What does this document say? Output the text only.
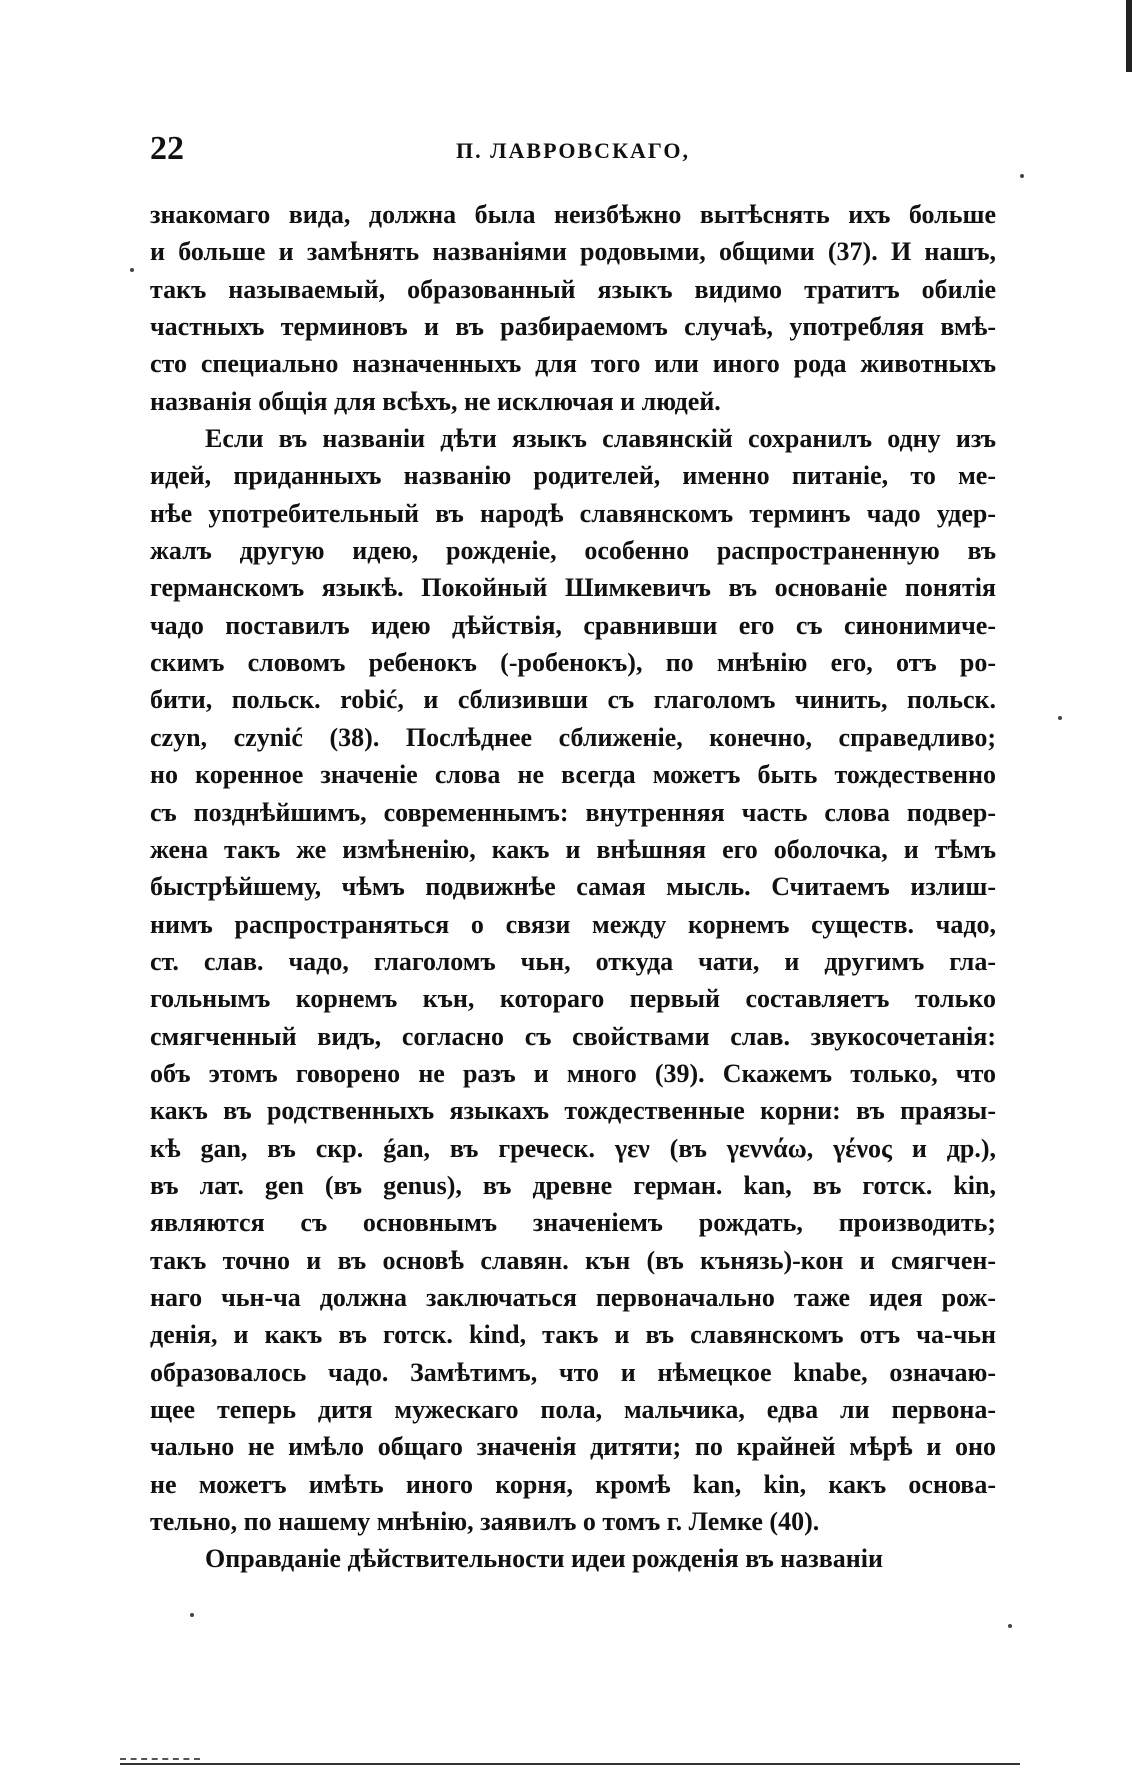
22	П. ЛАВРОВСКАГО,
знакомаго вида, должна была неизбѣжно вытѣснять ихъ больше
и больше и замѣнять названіями родовыми, общими (37). И нашъ,
такъ называемый, образованный языкъ видимо тратитъ обиліе
частныхъ терминовъ и въ разбираемомъ случаѣ, употребляя вмѣ-
сто специально назначенныхъ для того или иного рода животныхъ
названія общія для всѣхъ, не исключая и людей.
Если въ названіи дѣти языкъ славянскій сохранилъ одну изъ
идей, приданныхъ названію родителей, именно питаніе, то ме-
нѣе употребительный въ народѣ славянскомъ терминъ чадо удер-
жалъ другую идею, рожденіе, особенно распространенную въ
германскомъ языкѣ. Покойный Шимкевичъ въ основаніе понятія
чадо поставилъ идею дѣйствія, сравнивши его съ синонимиче-
скимъ словомъ ребенокъ (-робенокъ), по мнѣнію его, отъ ро-
бити, польск. robić, и сблизивши съ глаголомъ чинить, польск.
czyn, czynić (38). Послѣднее сближеніе, конечно, справедливо;
но коренное значеніе слова не всегда можетъ быть тождественно
съ позднѣйшимъ, современнымъ: внутренняя часть слова подвер-
жена такъ же измѣненію, какъ и внѣшняя его оболочка, и тѣмъ
быстрѣйшему, чѣмъ подвижнѣе самая мысль. Считаемъ излиш-
нимъ распространяться о связи между корнемъ существ. чадо,
ст. слав. чадо, глаголомъ чьн, откуда чати, и другимъ гла-
гольнымъ корнемъ кън, котораго первый составляетъ только
смягченный видъ, согласно съ свойствами слав. звукосочетанія:
объ этомъ говорено не разъ и много (39). Скажемъ только, что
какъ въ родственныхъ языкахъ тождественные корни: въ праязы-
кѣ gan, въ скр. ǵan, въ греческ. γεν (въ γεννάω, γένος и др.),
въ лат. gen (въ genus), въ древне герман. kan, въ готск. kin,
являются съ основнымъ значеніемъ рождать, производить;
такъ точно и въ основѣ славян. кън (въ кънязь)-кон и смягчен-
наго чьн-ча должна заключаться первоначально таже идея рож-
денія, и какъ въ готск. kind, такъ и въ славянскомъ отъ ча-чьн
образовалось чадо. Замѣтимъ, что и нѣмецкое knabe, означаю-
щее теперь дитя мужескаго пола, мальчика, едва ли первона-
чально не имѣло общаго значенія дитяти; по крайней мѣрѣ и оно
не можетъ имѣть иного корня, кромѣ kan, kin, какъ основа-
тельно, по нашему мнѣнію, заявилъ о томъ г. Лемке (40).
Оправданіе дѣйствительности идеи рожденія въ названіи
